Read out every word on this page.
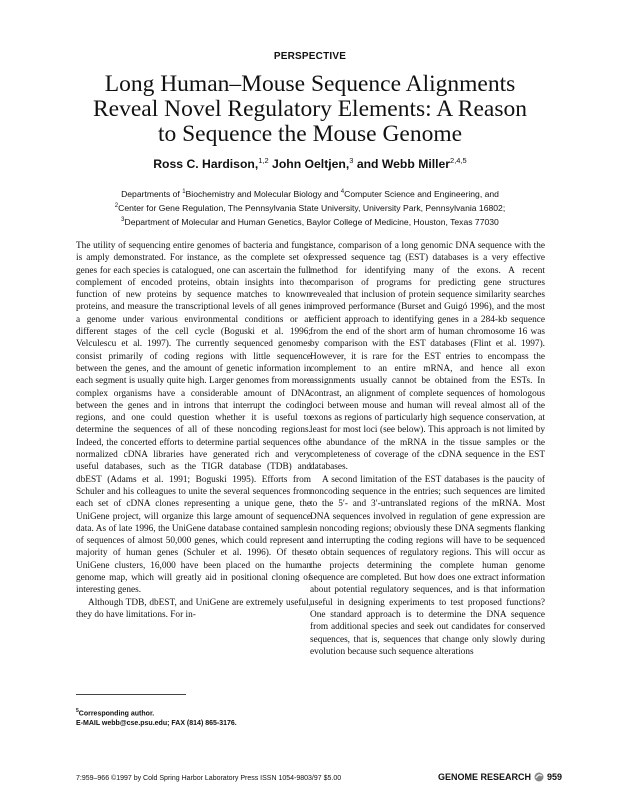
PERSPECTIVE
Long Human–Mouse Sequence Alignments
Reveal Novel Regulatory Elements: A Reason
to Sequence the Mouse Genome
Ross C. Hardison,$^{1,2}$ John Oeltjen,$^3$ and Webb Miller$^{2,4,5}$
Departments of $^1$Biochemistry and Molecular Biology and $^4$Computer Science and Engineering, and
$^2$Center for Gene Regulation, The Pennsylvania State University, University Park, Pennsylvania 16802;
$^3$Department of Molecular and Human Genetics, Baylor College of Medicine, Houston, Texas 77030

The utility of sequencing entire genomes of bacteria and fungi is amply demonstrated. For instance, as the complete set of genes for each species is catalogued, one can ascertain the full complement of encoded proteins, obtain insights into the function of new proteins by sequence matches to known proteins, and measure the transcriptional levels of all genes in a genome under various environmental conditions or at different stages of the cell cycle (Boguski et al. 1996; Velculescu et al. 1997). The currently sequenced genomes consist primarily of coding regions with little sequence between the genes, and the amount of genetic information in each segment is usually quite high. Larger genomes from more complex organisms have a considerable amount of DNA between the genes and in introns that interrupt the coding regions, and one could question whether it is useful to determine the sequences of all of these noncoding regions. Indeed, the concerted efforts to determine partial sequences of normalized cDNA libraries have generated rich and very useful databases, such as the TIGR database (TDB) and dbEST (Adams et al. 1991; Boguski 1995). Efforts from Schuler and his colleagues to unite the several sequences from each set of cDNA clones representing a unique gene, the UniGene project, will organize this large amount of sequence data. As of late 1996, the UniGene database contained samples of sequences of almost 50,000 genes, which could represent a majority of human genes (Schuler et al. 1996). Of these UniGene clusters, 16,000 have been placed on the human genome map, which will greatly aid in positional cloning of interesting genes.

Although TDB, dbEST, and UniGene are extremely useful, they do have limitations. For in-

stance, comparison of a long genomic DNA sequence with the expressed sequence tag (EST) databases is a very effective method for identifying many of the exons. A recent comparison of programs for predicting gene structures revealed that inclusion of protein sequence similarity searches improved performance (Burset and Guigó 1996), and the most efficient approach to identifying genes in a 284-kb sequence from the end of the short arm of human chromosome 16 was by comparison with the EST databases (Flint et al. 1997). However, it is rare for the EST entries to encompass the complement to an entire mRNA, and hence all exon assignments usually cannot be obtained from the ESTs. In contrast, an alignment of complete sequences of homologous loci between mouse and human will reveal almost all of the exons as regions of particularly high sequence conservation, at least for most loci (see below). This approach is not limited by the abundance of the mRNA in the tissue samples or the completeness of coverage of the cDNA sequence in the EST databases.

A second limitation of the EST databases is the paucity of noncoding sequence in the entries; such sequences are limited to the 5′- and 3′-untranslated regions of the mRNA. Most DNA sequences involved in regulation of gene expression are in noncoding regions; obviously these DNA segments flanking and interrupting the coding regions will have to be sequenced to obtain sequences of regulatory regions. This will occur as the projects determining the complete human genome sequence are completed. But how does one extract information about potential regulatory sequences, and is that information useful in designing experiments to test proposed functions? One standard approach is to determine the DNA sequence from additional species and seek out candidates for conserved sequences, that is, sequences that change only slowly during evolution because such sequence alterations

$^5$Corresponding author.
E-MAIL webb@cse.psu.edu; FAX (814) 865-3176.
7:959–966 ©1997 by Cold Spring Harbor Laboratory Press ISSN 1054-9803/97 $5.00	GENOME RESEARCH 959
